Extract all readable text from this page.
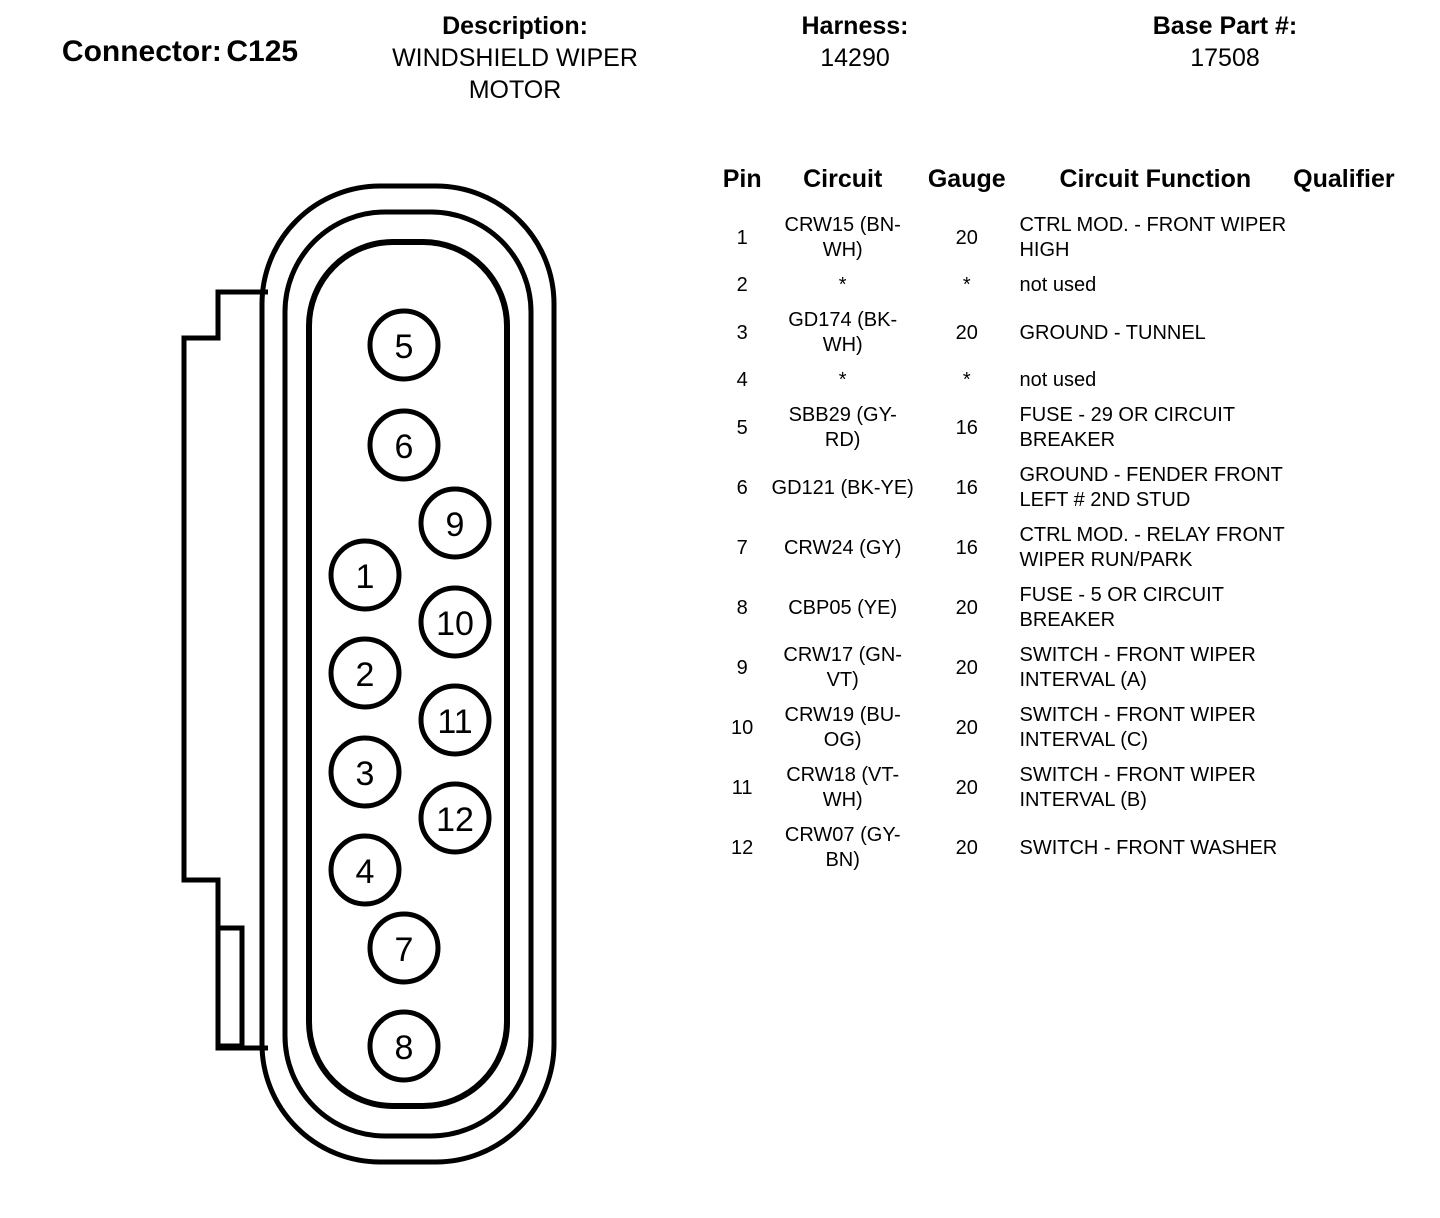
Connector: C125
Description:
WINDSHIELD WIPER MOTOR
Harness:
14290
Base Part #:
17508
5
6
9
1
10
2
11
3
12
4
7
8
Pin	Circuit	Gauge	Circuit Function	Qualifier
1	CRW15 (BN-WH)	20	CTRL MOD. - FRONT WIPER HIGH	
2	*	*	not used	
3	GD174 (BK-WH)	20	GROUND - TUNNEL	
4	*	*	not used	
5	SBB29 (GY-RD)	16	FUSE - 29 OR CIRCUIT BREAKER	
6	GD121 (BK-YE)	16	GROUND - FENDER FRONT LEFT # 2ND STUD	
7	CRW24 (GY)	16	CTRL MOD. - RELAY FRONT WIPER RUN/PARK	
8	CBP05 (YE)	20	FUSE - 5 OR CIRCUIT BREAKER	
9	CRW17 (GN-VT)	20	SWITCH - FRONT WIPER INTERVAL (A)	
10	CRW19 (BU-OG)	20	SWITCH - FRONT WIPER INTERVAL (C)	
11	CRW18 (VT-WH)	20	SWITCH - FRONT WIPER INTERVAL (B)	
12	CRW07 (GY-BN)	20	SWITCH - FRONT WASHER	
